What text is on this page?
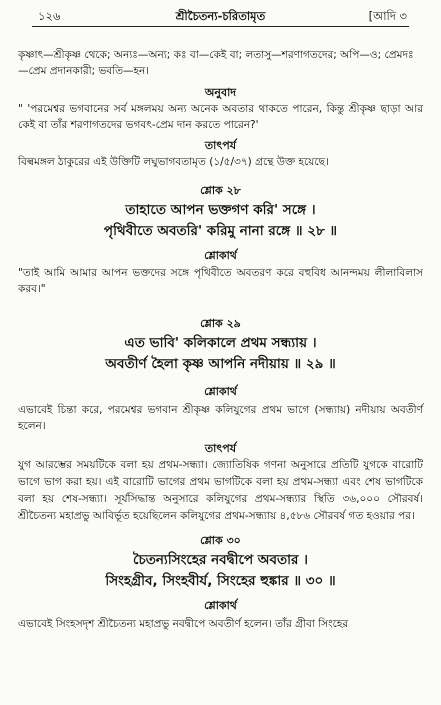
১২৬	শ্রীচৈতন্য-চরিতামৃত	[আদি ৩

কৃষ্ণাৎ—শ্রীকৃষ্ণ থেকে; অন্যঃ—অন্য; কঃ বা—কেই বা; লতাসু—শরণাগতদের; অপি—ও; প্রেমদঃ—প্রেম প্রদানকারী; ভবতি—হন।

অনুবাদ

" 'পরমেশ্বর ভগবানের সর্ব মঙ্গলময় অন্য অনেক অবতার থাকতে পারেন, কিন্তু শ্রীকৃষ্ণ ছাড়া আর কেই বা তাঁর শরণাগতদের ভগবৎ-প্রেম দান করতে পারেন?'

তাৎপর্য

বিল্বমঙ্গল ঠাকুরের এই উক্তিটি লঘুভাগবতামৃত (১/৫/৩৭) গ্রন্থে উক্ত হয়েছে।

শ্লোক ২৮

তাহাতে আপন ভক্তগণ করি' সঙ্গে ।
পৃথিবীতে অবতরি' করিমু নানা রঙ্গে ॥ ২৮ ॥

শ্লোকার্থ

"তাই আমি আমার আপন ভক্তদের সঙ্গে পৃথিবীতে অবতরণ করে বহুবিধ আনন্দময় লীলাবিলাস করব।"

শ্লোক ২৯

এত ভাবি' কলিকালে প্রথম সন্ধ্যায় ।
অবতীর্ণ হৈলা কৃষ্ণ আপনি নদীয়ায় ॥ ২৯ ॥

শ্লোকার্থ

এভাবেই চিন্তা করে, পরমেশ্বর ভগবান শ্রীকৃষ্ণ কলিযুগের প্রথম ভাগে (সন্ধ্যায়) নদীয়ায় অবতীর্ণ হলেন।

তাৎপর্য

যুগ আরম্ভের সময়টিকে বলা হয় প্রথম-সন্ধ্যা। জ্যোতিষিক গণনা অনুসারে প্রতিটি যুগকে বারোটি ভাগে ভাগ করা হয়। এই বারোটি ভাগের প্রথম ভাগটিকে বলা হয় প্রথম-সন্ধ্যা এবং শেষ ভাগটিকে বলা হয় শেষ-সন্ধ্যা। সূর্যসিদ্ধান্ত অনুসারে কলিযুগের প্রথম-সন্ধ্যার স্থিতি ৩৬,০০০ সৌরবর্ষ। শ্রীচৈতন্য মহাপ্রভু আবির্ভূত হয়েছিলেন কলিযুগের প্রথম-সন্ধ্যায় ৪,৫৮৬ সৌরবর্ষ গত হওয়ার পর।

শ্লোক ৩০

চৈতন্যসিংহের নবদ্বীপে অবতার ।
সিংহগ্রীব, সিংহবীর্য, সিংহের হুঙ্কার ॥ ৩০ ॥

শ্লোকার্থ

এভাবেই সিংহসদৃশ শ্রীচৈতন্য মহাপ্রভু নবদ্বীপে অবতীর্ণ হলেন। তাঁর গ্রীবা সিংহের
